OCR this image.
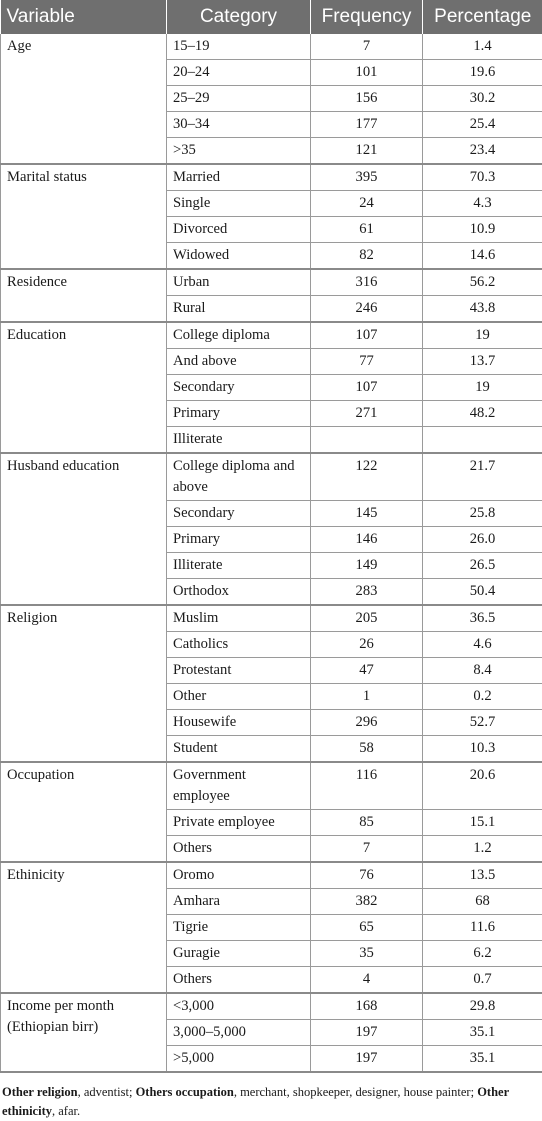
Variable	Category	Frequency	Percentage
Age	15–19	7	1.4
	20–24	101	19.6
	25–29	156	30.2
	30–34	177	25.4
	>35	121	23.4
Marital status	Married	395	70.3
	Single	24	4.3
	Divorced	61	10.9
	Widowed	82	14.6
Residence	Urban	316	56.2
	Rural	246	43.8
Education	College diploma	107	19
	And above	77	13.7
	Secondary	107	19
	Primary	271	48.2
	Illiterate		
Husband education	College diploma and above	122	21.7
	Secondary	145	25.8
	Primary	146	26.0
	Illiterate	149	26.5
	Orthodox	283	50.4
Religion	Muslim	205	36.5
	Catholics	26	4.6
	Protestant	47	8.4
	Other	1	0.2
	Housewife	296	52.7
	Student	58	10.3
Occupation	Government employee	116	20.6
	Private employee	85	15.1
	Others	7	1.2
Ethinicity	Oromo	76	13.5
	Amhara	382	68
	Tigrie	65	11.6
	Guragie	35	6.2
	Others	4	0.7
Income per month (Ethiopian birr)	<3,000	168	29.8
	3,000–5,000	197	35.1
	>5,000	197	35.1

Other religion, adventist; Others occupation, merchant, shopkeeper, designer, house painter; Other ethinicity, afar.
